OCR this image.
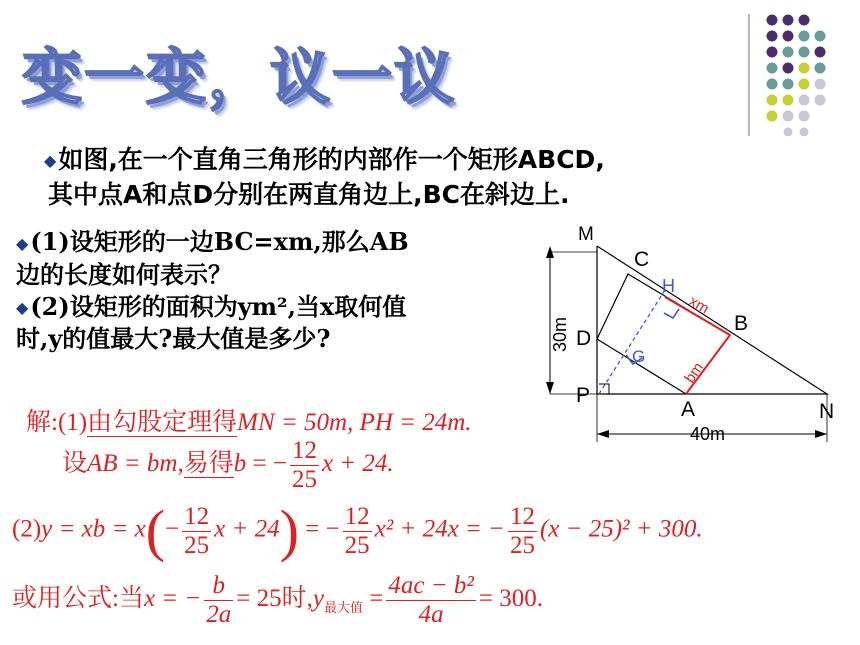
变一变，议一议
◆如图,在一个直角三角形的内部作一个矩形ABCD,
其中点A和点D分别在两直角边上,BC在斜边上.
◆(1)设矩形的一边BC=xm,那么AB
边的长度如何表示？
◆(2)设矩形的面积为ym²,当x取何值
时,y的值最大?最大值是多少?
M
C
H
xm
B
D
G
bm
P
A	N
30m
40m
解:(1)由勾股定理得MN = 50m, PH = 24m.
设AB = bm,易得b = − $\frac{12}{25}$ x + 24.
(2)y = xb = $x(- \frac{12}{25}$ x + 24) = − $\frac{12}{25} x^2 + 24x$ = − $\frac{12}{25} (x - 25)^2 + 300$.
或用公式:当x = − $\frac{b}{2a} = 25$时$,y_{最大值} = \frac{\text{4ac − b²}}{4a} = 300$.
